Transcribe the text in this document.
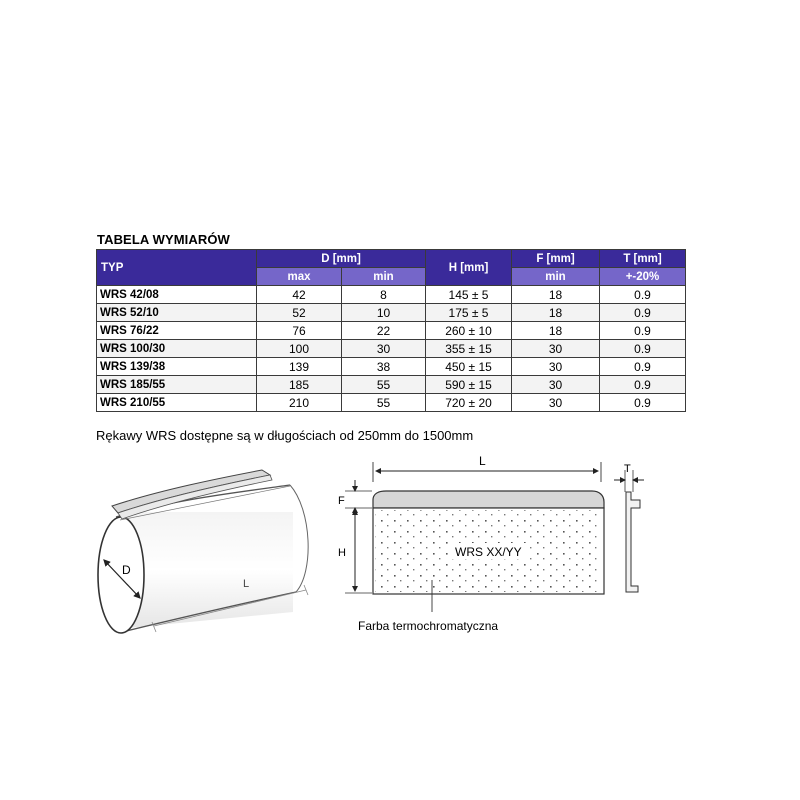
TABELA WYMIARÓW
TYP	D [mm]		H [mm]	F [mm]	T [mm]
	max	min		min	+-20%
WRS 42/08	42	8	145 ± 5	18	0.9
WRS 52/10	52	10	175 ± 5	18	0.9
WRS 76/22	76	22	260 ± 10	18	0.9
WRS 100/30	100	30	355 ± 15	30	0.9
WRS 139/38	139	38	450 ± 15	30	0.9
WRS 185/55	185	55	590 ± 15	30	0.9
WRS 210/55	210	55	720 ± 20	30	0.9
Rękawy WRS dostępne są w długościach od 250mm do 1500mm
D
L
L
F
H	WRS XX/YY
T
Farba termochromatyczna
